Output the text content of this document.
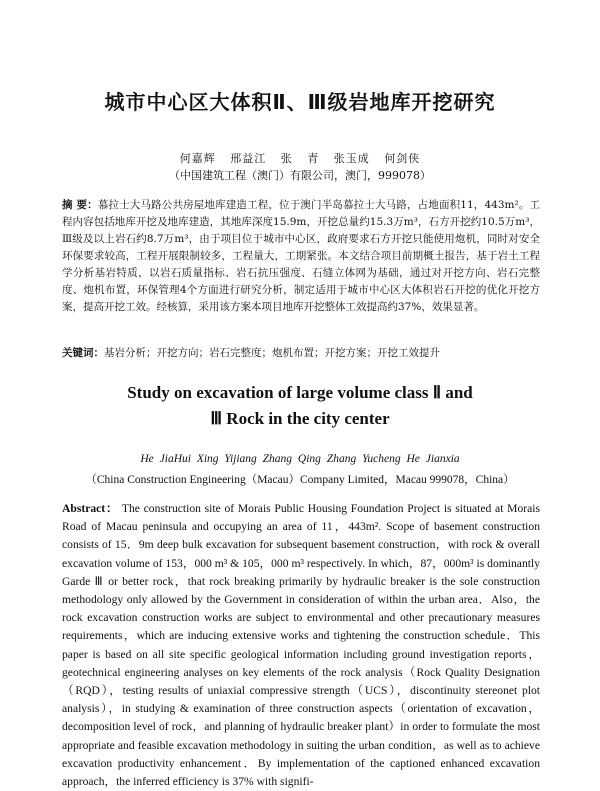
城市中心区大体积Ⅱ、Ⅲ级岩地库开挖研究
何嘉辉 邢益江 张 青 张玉成 何剑侠
（中国建筑工程（澳门）有限公司，澳门，999078）

摘 要：慕拉士大马路公共房屋地库建造工程，位于澳门半岛慕拉士大马路，占地面积11，443m²。工程内容包括地库开挖及地库建造，其地库深度15.9m，开挖总量约15.3万m³，石方开挖约10.5万m³，Ⅲ级及以上岩石约8.7万m³，由于项目位于城市中心区，政府要求石方开挖只能使用炮机，同时对安全环保要求较高，工程开展限制较多，工程量大，工期紧张。本文结合项目前期概土报告，基于岩土工程学分析基岩特质，以岩石质量指标、岩石抗压强度、石缝立体网为基础，通过对开挖方向、岩石完整度、炮机布置，环保管理4个方面进行研究分析，制定适用于城市中心区大体积岩石开挖的优化开挖方案，提高开挖工效。经核算，采用该方案本项目地库开挖整体工效提高约37%，效果显著。

关键词：基岩分析；开挖方向；岩石完整度；炮机布置；开挖方案；开挖工效提升

Study on excavation of large volume class Ⅱ and
Ⅲ Rock in the city center
He JiaHui Xing Yijiang Zhang Qing Zhang Yucheng He Jianxia
（China Construction Engineering（Macau）Company Limited，Macau 999078，China）

Abstract： The construction site of Morais Public Housing Foundation Project is situated at Morais Road of Macau peninsula and occupying an area of 11，443m². Scope of basement construction consists of 15．9m deep bulk excavation for subsequent basement construction，with rock & overall excavation volume of 153，000 m³ & 105，000 m³ respectively. In which，87，000m³ is dominantly Garde Ⅲ or better rock，that rock breaking primarily by hydraulic breaker is the sole construction methodology only allowed by the Government in consideration of within the urban area．Also，the rock excavation construction works are subject to environmental and other precautionary measures requirements，which are inducing extensive works and tightening the construction schedule．This paper is based on all site specific geological information including ground investigation reports，geotechnical engineering analyses on key elements of the rock analysis（Rock Quality Designation（RQD），testing results of uniaxial compressive strength（UCS），discontinuity stereonet plot analysis），in studying & examination of three construction aspects（orientation of excavation，decomposition level of rock，and planning of hydraulic breaker plant）in order to formulate the most appropriate and feasible excavation methodology in suiting the urban condition，as well as to achieve excavation productivity enhancement．By implementation of the captioned enhanced excavation approach，the inferred efficiency is 37% with signifi-
